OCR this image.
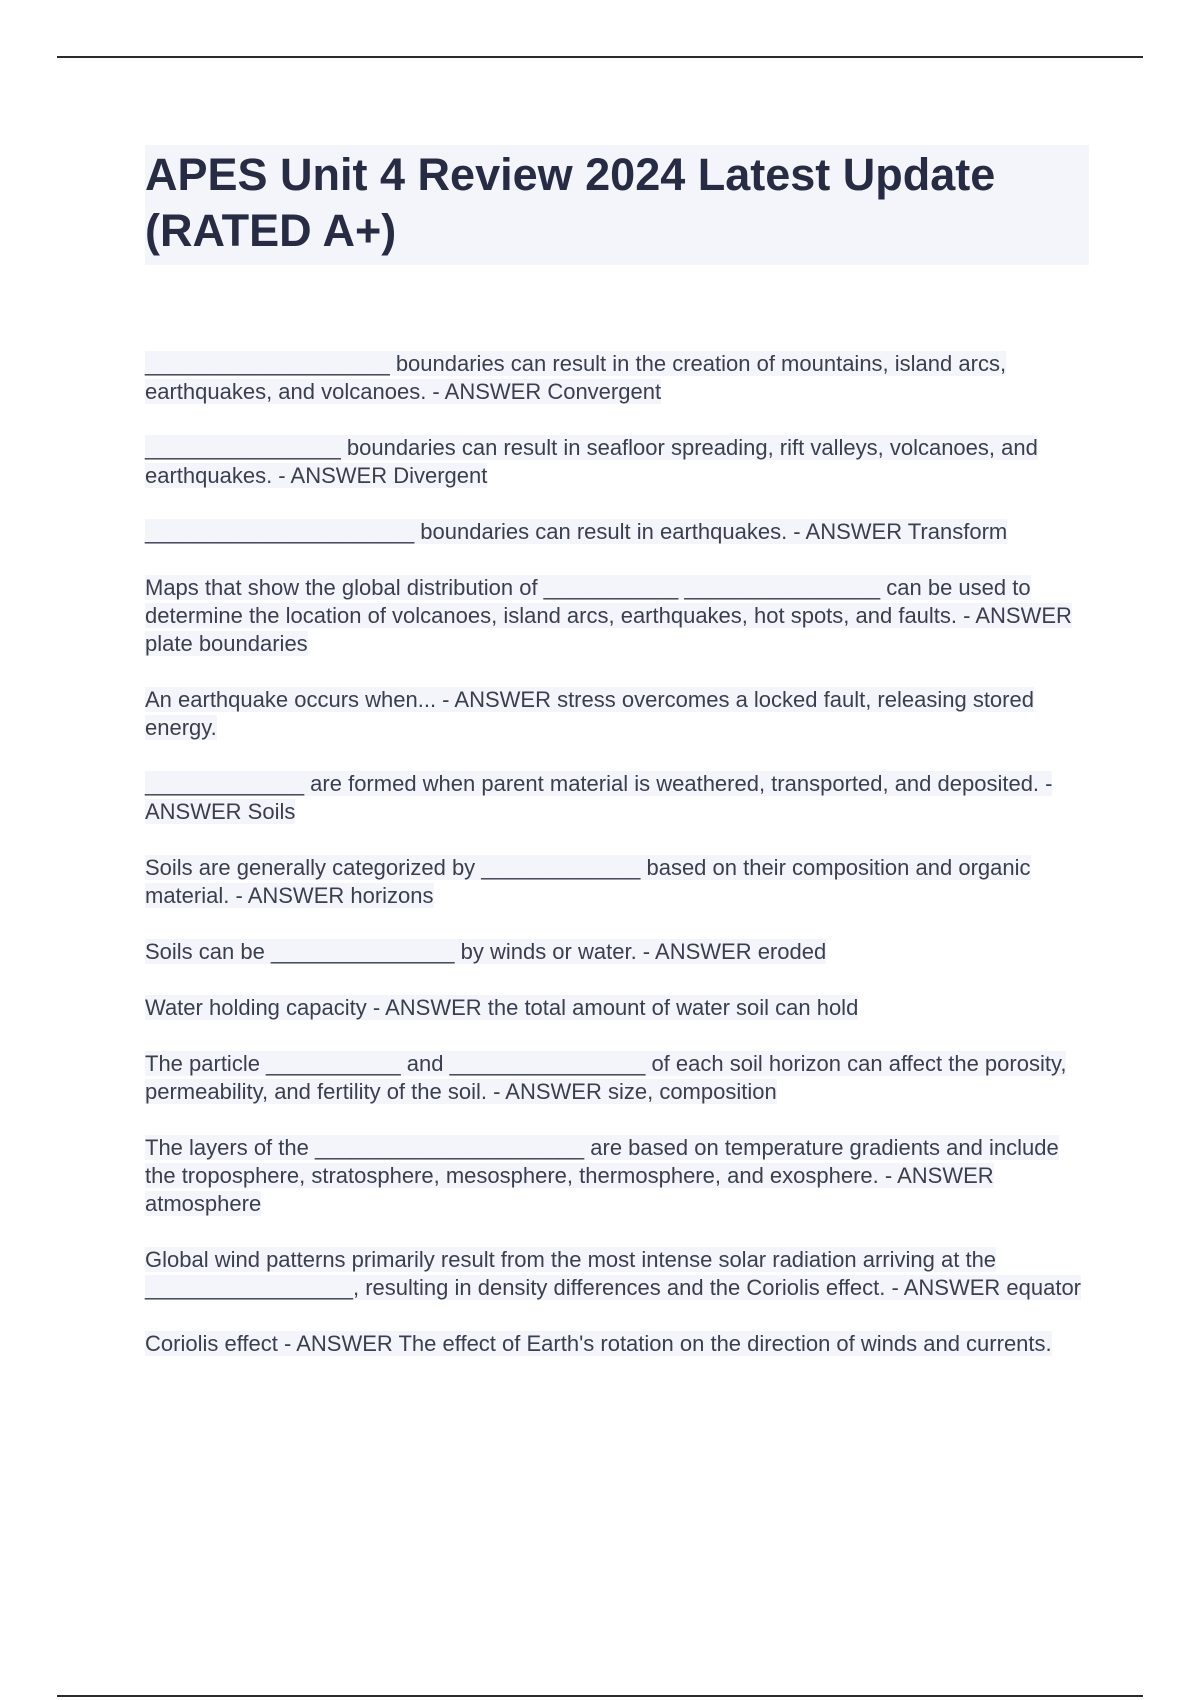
APES Unit 4 Review 2024 Latest Update (RATED A+)

____________________ boundaries can result in the creation of mountains, island arcs, earthquakes, and volcanoes. - ANSWER Convergent

________________ boundaries can result in seafloor spreading, rift valleys, volcanoes, and earthquakes. - ANSWER Divergent

______________________ boundaries can result in earthquakes. - ANSWER Transform

Maps that show the global distribution of ___________ ________________ can be used to determine the location of volcanoes, island arcs, earthquakes, hot spots, and faults. - ANSWER plate boundaries

An earthquake occurs when... - ANSWER stress overcomes a locked fault, releasing stored energy.

_____________ are formed when parent material is weathered, transported, and deposited. - ANSWER Soils

Soils are generally categorized by _____________ based on their composition and organic material. - ANSWER horizons

Soils can be _______________ by winds or water. - ANSWER eroded

Water holding capacity - ANSWER the total amount of water soil can hold

The particle ___________ and ________________ of each soil horizon can affect the porosity, permeability, and fertility of the soil. - ANSWER size, composition

The layers of the ______________________ are based on temperature gradients and include the troposphere, stratosphere, mesosphere, thermosphere, and exosphere. - ANSWER atmosphere

Global wind patterns primarily result from the most intense solar radiation arriving at the _________________, resulting in density differences and the Coriolis effect. - ANSWER equator

Coriolis effect - ANSWER The effect of Earth's rotation on the direction of winds and currents.
